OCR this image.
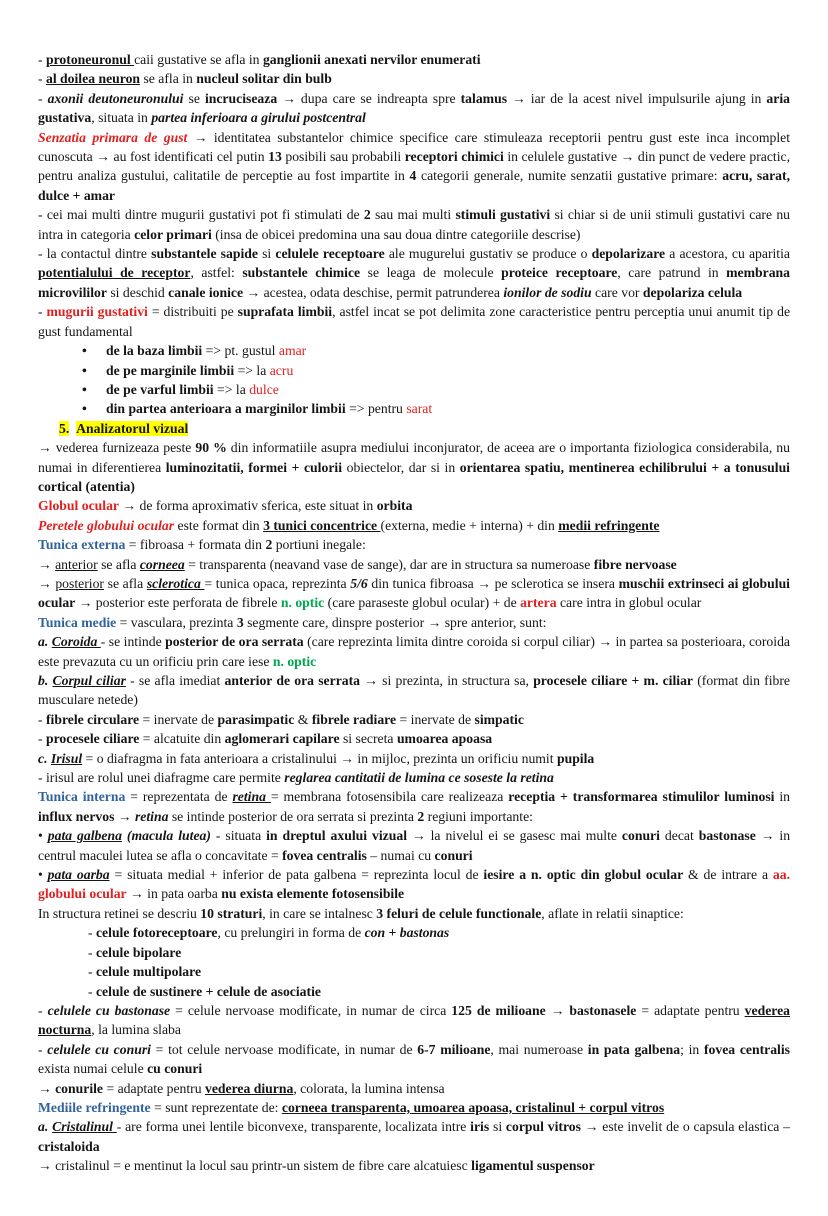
- protoneuronul caii gustative se afla in ganglionii anexati nervilor enumerati
- al doilea neuron se afla in nucleul solitar din bulb
- axonii deutoneuronului se incruciseaza → dupa care se indreapta spre talamus → iar de la acest nivel impulsurile ajung in aria gustativa, situata in partea inferioara a girului postcentral
Senzatia primara de gust → identitatea substantelor chimice specifice care stimuleaza receptorii pentru gust este inca incomplet cunoscuta → au fost identificati cel putin 13 posibili sau probabili receptori chimici in celulele gustative → din punct de vedere practic, pentru analiza gustului, calitatile de perceptie au fost impartite in 4 categorii generale, numite senzatii gustative primare: acru, sarat, dulce + amar
- cei mai multi dintre mugurii gustativi pot fi stimulati de 2 sau mai multi stimuli gustativi si chiar si de unii stimuli gustativi care nu intra in categoria celor primari (insa de obicei predomina una sau doua dintre categoriile descrise)
- la contactul dintre substantele sapide si celulele receptoare ale mugurelui gustativ se produce o depolarizare a acestora, cu aparitia potentialului de receptor, astfel: substantele chimice se leaga de molecule proteice receptoare, care patrund in membrana microvililor si deschid canale ionice → acestea, odata deschise, permit patrunderea ionilor de sodiu care vor depolariza celula
- mugurii gustativi = distribuiti pe suprafata limbii, astfel incat se pot delimita zone caracteristice pentru perceptia unui anumit tip de gust fundamental
• de la baza limbii => pt. gustul amar
• de pe marginile limbii => la acru
• de pe varful limbii => la dulce
• din partea anterioara a marginilor limbii => pentru sarat
5. Analizatorul vizual
→ vederea furnizeaza peste 90 % din informatiile asupra mediului inconjurator, de aceea are o importanta fiziologica considerabila, nu numai in diferentierea luminozitatii, formei + culorii obiectelor, dar si in orientarea spatiu, mentinerea echilibrului + a tonusului cortical (atentia)
Globul ocular → de forma aproximativ sferica, este situat in orbita
Peretele globului ocular este format din 3 tunici concentrice (externa, medie + interna) + din medii refringente
Tunica externa = fibroasa + formata din 2 portiuni inegale:
→ anterior se afla corneea = transparenta (neavand vase de sange), dar are in structura sa numeroase fibre nervoase
→ posterior se afla sclerotica = tunica opaca, reprezinta 5/6 din tunica fibroasa → pe sclerotica se insera muschii extrinseci ai globului ocular → posterior este perforata de fibrele n. optic (care paraseste globul ocular) + de artera care intra in globul ocular
Tunica medie = vasculara, prezinta 3 segmente care, dinspre posterior → spre anterior, sunt:
a. Coroida - se intinde posterior de ora serrata (care reprezinta limita dintre coroida si corpul ciliar) → in partea sa posterioara, coroida este prevazuta cu un orificiu prin care iese n. optic
b. Corpul ciliar - se afla imediat anterior de ora serrata → si prezinta, in structura sa, procesele ciliare + m. ciliar (format din fibre musculare netede)
- fibrele circulare = inervate de parasimpatic & fibrele radiare = inervate de simpatic
- procesele ciliare = alcatuite din aglomerari capilare si secreta umoarea apoasa
c. Irisul = o diafragma in fata anterioara a cristalinului → in mijloc, prezinta un orificiu numit pupila
- irisul are rolul unei diafragme care permite reglarea cantitatii de lumina ce soseste la retina
Tunica interna = reprezentata de retina = membrana fotosensibila care realizeaza receptia + transformarea stimulilor luminosi in influx nervos → retina se intinde posterior de ora serrata si prezinta 2 regiuni importante:
• pata galbena (macula lutea) - situata in dreptul axului vizual → la nivelul ei se gasesc mai multe conuri decat bastonase → in centrul maculei lutea se afla o concavitate = fovea centralis – numai cu conuri
• pata oarba = situata medial + inferior de pata galbena = reprezinta locul de iesire a n. optic din globul ocular & de intrare a aa. globului ocular → in pata oarba nu exista elemente fotosensibile
In structura retinei se descriu 10 straturi, in care se intalnesc 3 feluri de celule functionale, aflate in relatii sinaptice:
- celule fotoreceptoare, cu prelungiri in forma de con + bastonas
- celule bipolare
- celule multipolare
- celule de sustinere + celule de asociatie
- celulele cu bastonase = celule nervoase modificate, in numar de circa 125 de milioane → bastonasele = adaptate pentru vederea nocturna, la lumina slaba
- celulele cu conuri = tot celule nervoase modificate, in numar de 6-7 milioane, mai numeroase in pata galbena; in fovea centralis exista numai celule cu conuri
→ conurile = adaptate pentru vederea diurna, colorata, la lumina intensa
Mediile refringente = sunt reprezentate de: corneea transparenta, umoarea apoasa, cristalinul + corpul vitros
a. Cristalinul - are forma unei lentile biconvexe, transparente, localizata intre iris si corpul vitros → este invelit de o capsula elastica – cristaloida
→ cristalinul = e mentinut la locul sau printr-un sistem de fibre care alcatuiesc ligamentul suspensor
